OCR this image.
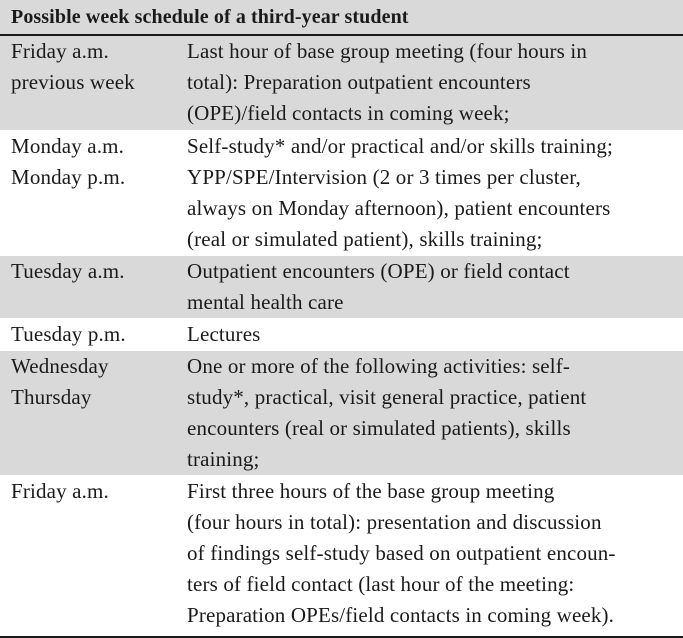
Possible week schedule of a third-year student
Friday a.m.
previous week	Last hour of base group meeting (four hours in
total): Preparation outpatient encounters
(OPE)/field contacts in coming week;

Monday a.m.
Monday p.m.	Self-study* and/or practical and/or skills training;
YPP/SPE/Intervision (2 or 3 times per cluster,
always on Monday afternoon), patient encounters
(real or simulated patient), skills training;

Tuesday a.m.	Outpatient encounters (OPE) or field contact
mental health care

Tuesday p.m.	Lectures

Wednesday
Thursday	One or more of the following activities: self-
study*, practical, visit general practice, patient
encounters (real or simulated patients), skills
training;

Friday a.m.	First three hours of the base group meeting
(four hours in total): presentation and discussion
of findings self-study based on outpatient encoun-
ters of field contact (last hour of the meeting:
Preparation OPEs/field contacts in coming week).
